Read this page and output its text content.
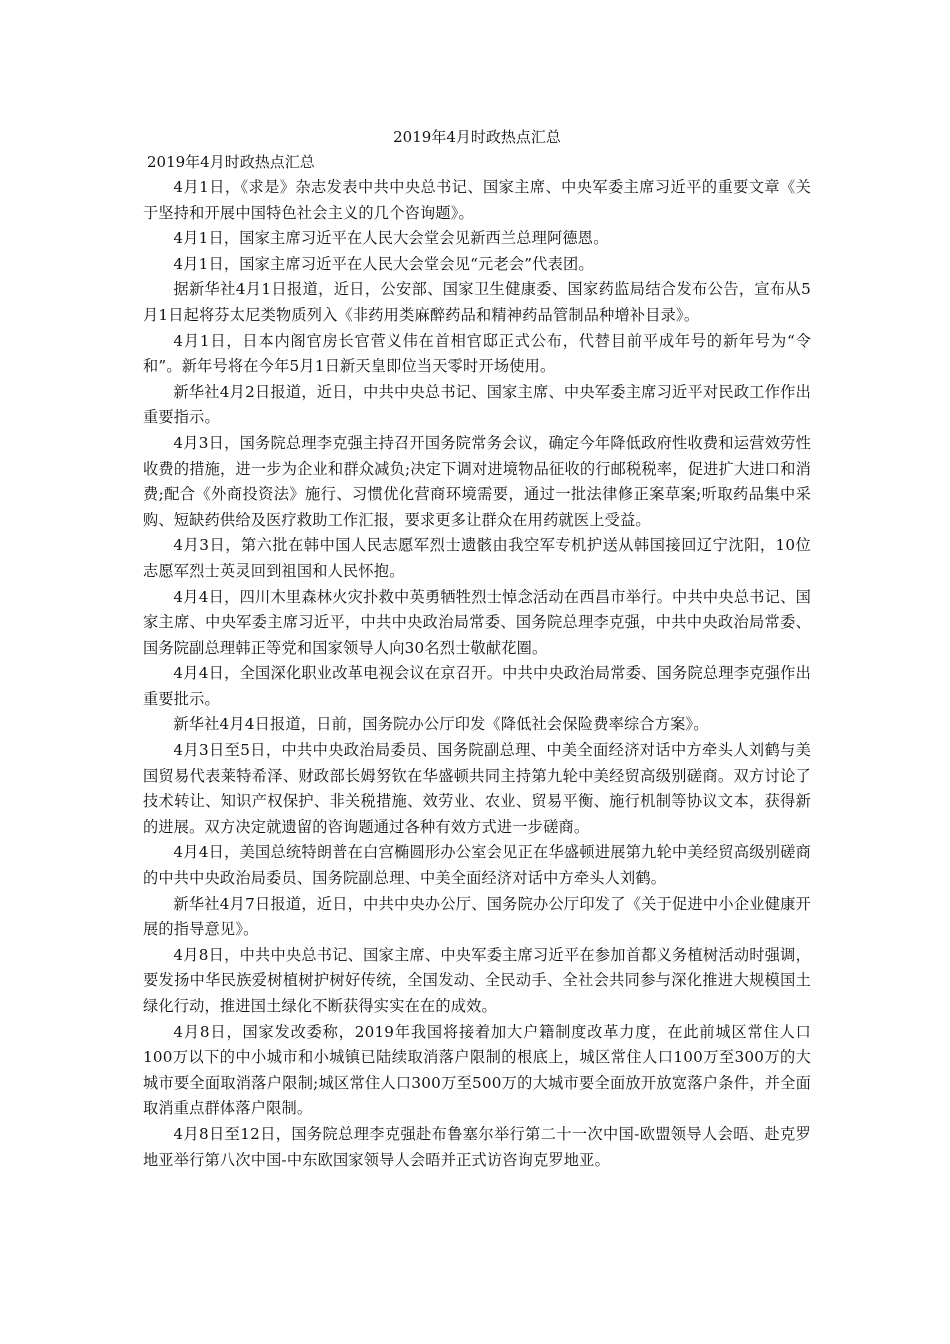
2019年4月时政热点汇总

2019年4月时政热点汇总

4月1日，《求是》杂志发表中共中央总书记、国家主席、中央军委主席习近平的重要文章《关于坚持和开展中国特色社会主义的几个咨询题》。

4月1日，国家主席习近平在人民大会堂会见新西兰总理阿德恩。

4月1日，国家主席习近平在人民大会堂会见“元老会”代表团。

据新华社4月1日报道，近日，公安部、国家卫生健康委、国家药监局结合发布公告，宣布从5月1日起将芬太尼类物质列入《非药用类麻醉药品和精神药品管制品种增补目录》。

4月1日，日本内阁官房长官菅义伟在首相官邸正式公布，代替目前平成年号的新年号为“令和”。新年号将在今年5月1日新天皇即位当天零时开场使用。

新华社4月2日报道，近日，中共中央总书记、国家主席、中央军委主席习近平对民政工作作出重要指示。

4月3日，国务院总理李克强主持召开国务院常务会议，确定今年降低政府性收费和运营效劳性收费的措施，进一步为企业和群众减负;决定下调对进境物品征收的行邮税税率，促进扩大进口和消费;配合《外商投资法》施行、习惯优化营商环境需要，通过一批法律修正案草案;听取药品集中采购、短缺药供给及医疗救助工作汇报，要求更多让群众在用药就医上受益。

4月3日，第六批在韩中国人民志愿军烈士遗骸由我空军专机护送从韩国接回辽宁沈阳，10位志愿军烈士英灵回到祖国和人民怀抱。

4月4日，四川木里森林火灾扑救中英勇牺牲烈士悼念活动在西昌市举行。中共中央总书记、国家主席、中央军委主席习近平，中共中央政治局常委、国务院总理李克强，中共中央政治局常委、国务院副总理韩正等党和国家领导人向30名烈士敬献花圈。

4月4日，全国深化职业改革电视会议在京召开。中共中央政治局常委、国务院总理李克强作出重要批示。

新华社4月4日报道，日前，国务院办公厅印发《降低社会保险费率综合方案》。

4月3日至5日，中共中央政治局委员、国务院副总理、中美全面经济对话中方牵头人刘鹤与美国贸易代表莱特希泽、财政部长姆努钦在华盛顿共同主持第九轮中美经贸高级别磋商。双方讨论了技术转让、知识产权保护、非关税措施、效劳业、农业、贸易平衡、施行机制等协议文本，获得新的进展。双方决定就遗留的咨询题通过各种有效方式进一步磋商。

4月4日，美国总统特朗普在白宫椭圆形办公室会见正在华盛顿进展第九轮中美经贸高级别磋商的中共中央政治局委员、国务院副总理、中美全面经济对话中方牵头人刘鹤。

新华社4月7日报道，近日，中共中央办公厅、国务院办公厅印发了《关于促进中小企业健康开展的指导意见》。

4月8日，中共中央总书记、国家主席、中央军委主席习近平在参加首都义务植树活动时强调，要发扬中华民族爱树植树护树好传统，全国发动、全民动手、全社会共同参与深化推进大规模国土绿化行动，推进国土绿化不断获得实实在在的成效。

4月8日，国家发改委称，2019年我国将接着加大户籍制度改革力度，在此前城区常住人口100万以下的中小城市和小城镇已陆续取消落户限制的根底上，城区常住人口100万至300万的大城市要全面取消落户限制;城区常住人口300万至500万的大城市要全面放开放宽落户条件，并全面取消重点群体落户限制。

4月8日至12日，国务院总理李克强赴布鲁塞尔举行第二十一次中国-欧盟领导人会晤、赴克罗地亚举行第八次中国-中东欧国家领导人会晤并正式访咨询克罗地亚。
